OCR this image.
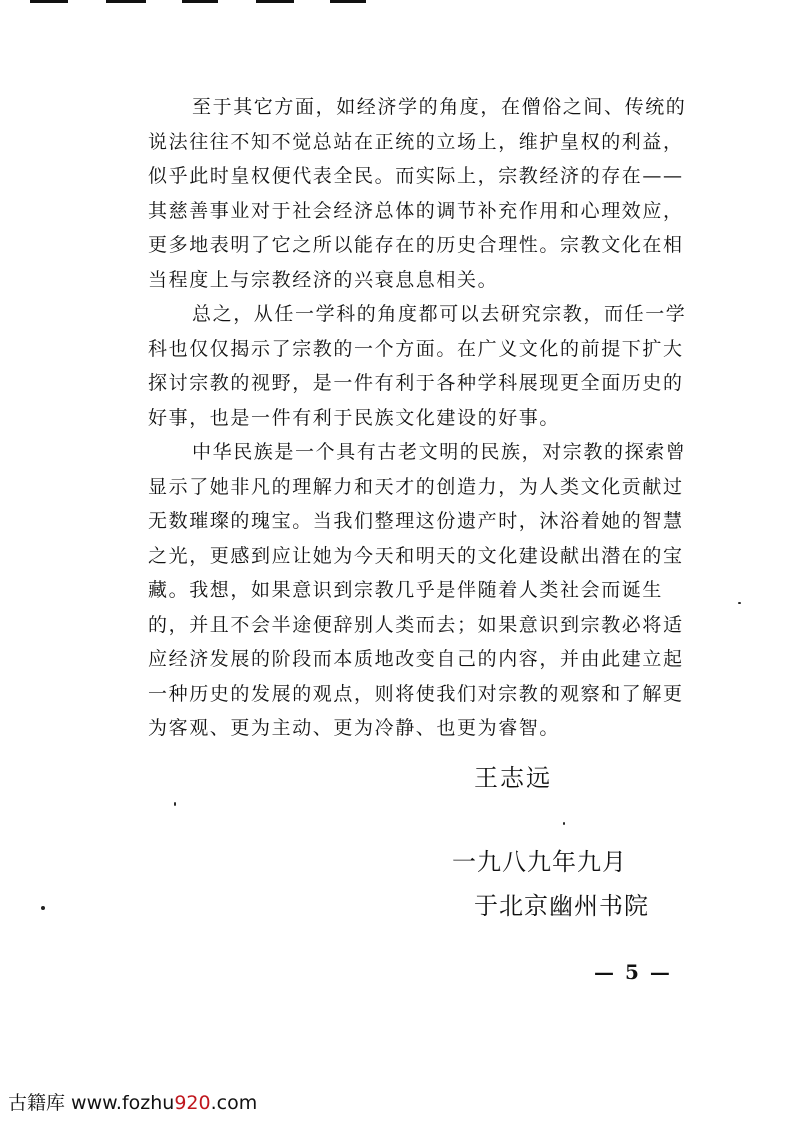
至于其它方面，如经济学的角度，在僧俗之间、传统的
说法往往不知不觉总站在正统的立场上，维护皇权的利益，
似乎此时皇权便代表全民。而实际上，宗教经济的存在——
其慈善事业对于社会经济总体的调节补充作用和心理效应，
更多地表明了它之所以能存在的历史合理性。宗教文化在相
当程度上与宗教经济的兴衰息息相关。
总之，从任一学科的角度都可以去研究宗教，而任一学
科也仅仅揭示了宗教的一个方面。在广义文化的前提下扩大
探讨宗教的视野，是一件有利于各种学科展现更全面历史的
好事，也是一件有利于民族文化建设的好事。
中华民族是一个具有古老文明的民族，对宗教的探索曾
显示了她非凡的理解力和天才的创造力，为人类文化贡献过
无数璀璨的瑰宝。当我们整理这份遗产时，沐浴着她的智慧
之光，更感到应让她为今天和明天的文化建设献出潜在的宝
藏。我想，如果意识到宗教几乎是伴随着人类社会而诞生
的，并且不会半途便辞别人类而去；如果意识到宗教必将适
应经济发展的阶段而本质地改变自己的内容，并由此建立起
一种历史的发展的观点，则将使我们对宗教的观察和了解更
为客观、更为主动、更为冷静、也更为睿智。
王志远
一九八九年九月
于北京幽州书院
— 5 —
古籍库 www.fozhu920.com
